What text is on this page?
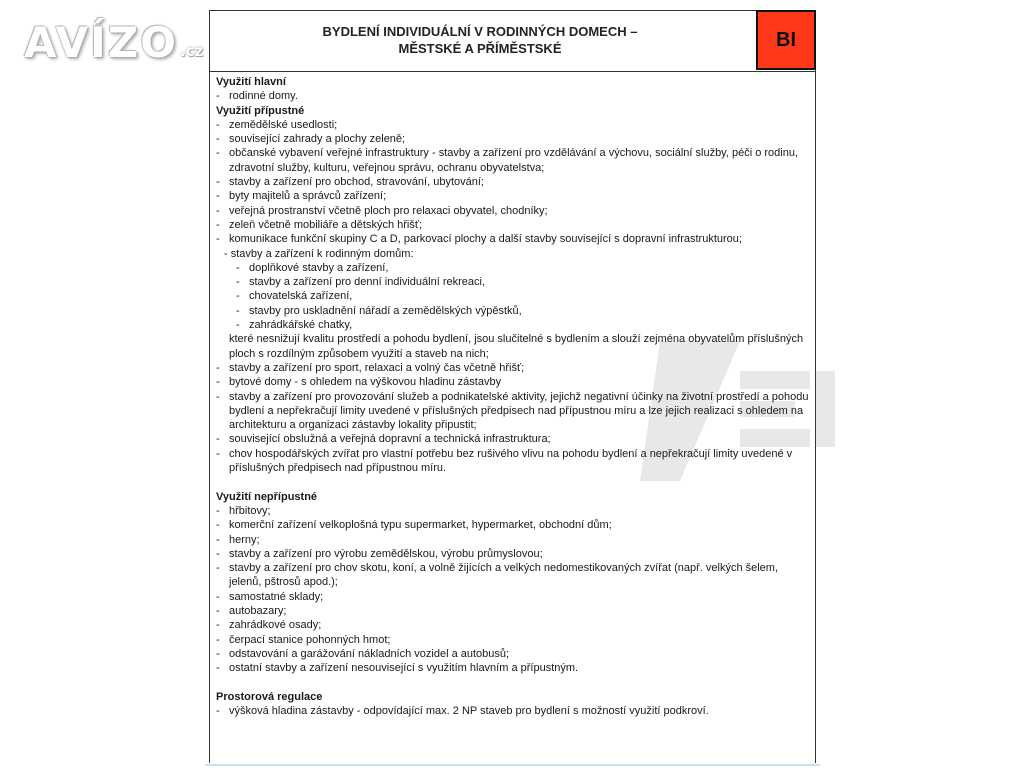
AVÍZO .cz
BYDLENÍ INDIVIDUÁLNÍ V RODINNÝCH DOMECH –
MĚSTSKÉ A PŘÍMĚSTSKÉ	BI
Využití hlavní
- rodinné domy.
Využití přípustné
- zemědělské usedlosti;
- související zahrady a plochy zeleně;
- občanské vybavení veřejné infrastruktury - stavby a zařízení pro vzdělávání a výchovu, sociální služby, péči o rodinu, zdravotní služby, kulturu, veřejnou správu, ochranu obyvatelstva;
- stavby a zařízení pro obchod, stravování, ubytování;
- byty majitelů a správců zařízení;
- veřejná prostranství včetně ploch pro relaxaci obyvatel, chodníky;
- zeleň včetně mobiliáře a dětských hřišť;
- komunikace funkční skupiny C a D, parkovací plochy a další stavby související s dopravní infrastrukturou;
- stavby a zařízení k rodinným domům:
- doplňkové stavby a zařízení,
- stavby a zařízení pro denní individuální rekreaci,
- chovatelská zařízení,
- stavby pro uskladnění nářadí a zemědělských výpěstků,
- zahrádkářské chatky,
které nesnižují kvalitu prostředí a pohodu bydlení, jsou slučitelné s bydlením a slouží zejména obyvatelům příslušných ploch s rozdílným způsobem využití a staveb na nich;
- stavby a zařízení pro sport, relaxaci a volný čas včetně hřišť;
- bytové domy - s ohledem na výškovou hladinu zástavby
- stavby a zařízení pro provozování služeb a podnikatelské aktivity, jejichž negativní účinky na životní prostředí a pohodu bydlení a nepřekračují limity uvedené v příslušných předpisech nad přípustnou míru a lze jejich realizaci s ohledem na architekturu a organizaci zástavby lokality připustit;
- související obslužná a veřejná dopravní a technická infrastruktura;
- chov hospodářských zvířat pro vlastní potřebu bez rušivého vlivu na pohodu bydlení a nepřekračují limity uvedené v příslušných předpisech nad přípustnou míru.
Využití nepřípustné
- hřbitovy;
- komerční zařízení velkoplošná typu supermarket, hypermarket, obchodní dům;
- herny;
- stavby a zařízení pro výrobu zemědělskou, výrobu průmyslovou;
- stavby a zařízení pro chov skotu, koní, a volně žijících a velkých nedomestikovaných zvířat (např. velkých šelem, jelenů, pštrosů apod.);
- samostatné sklady;
- autobazary;
- zahrádkové osady;
- čerpací stanice pohonných hmot;
- odstavování a garážování nákladních vozidel a autobusů;
- ostatní stavby a zařízení nesouvisející s využitím hlavním a přípustným.
Prostorová regulace
- výšková hladina zástavby - odpovídající max. 2 NP staveb pro bydlení s možností využití podkroví.
